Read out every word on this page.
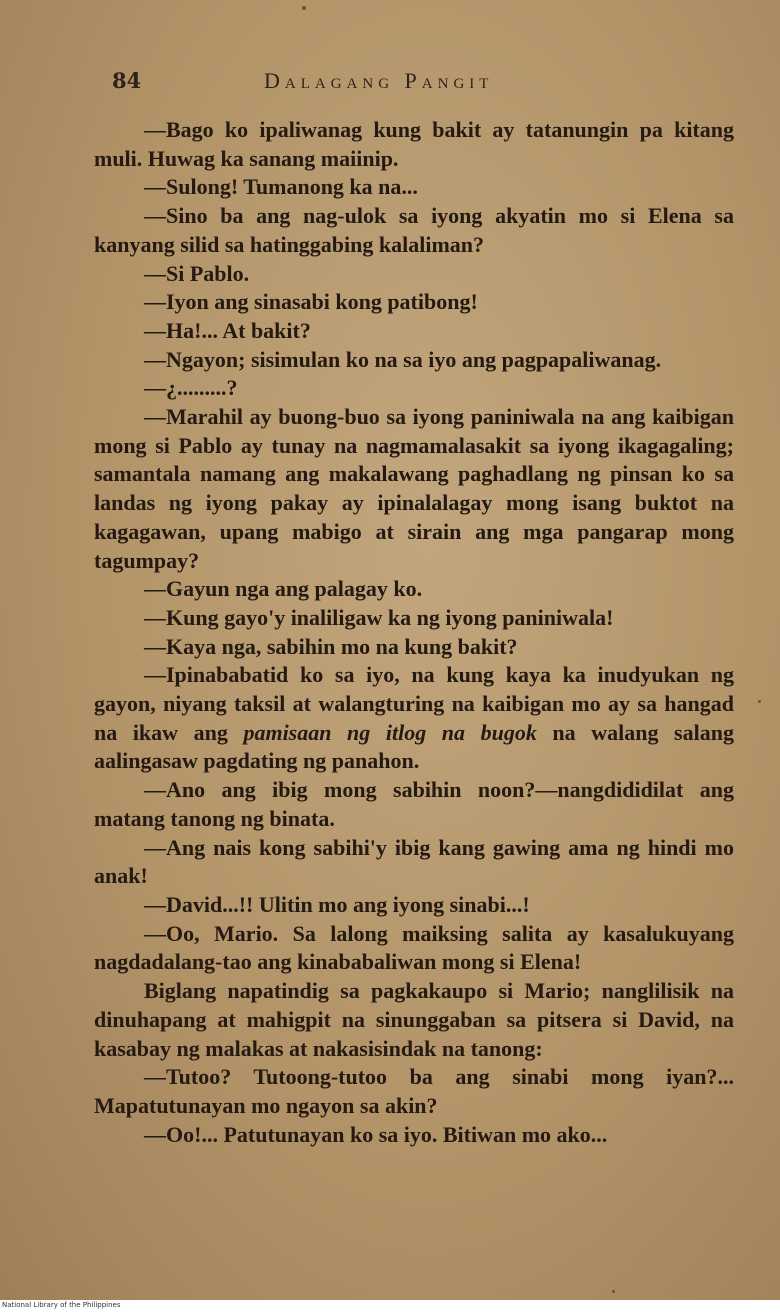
84	Dalagang Pangit

—Bago ko ipaliwanag kung bakit ay tatanungin pa kitang muli. Huwag ka sanang maiinip.

—Sulong! Tumanong ka na...

—Sino ba ang nag-ulok sa iyong akyatin mo si Elena sa kanyang silid sa hatinggabing kalaliman?

—Si Pablo.

—Iyon ang sinasabi kong patibong!

—Ha!... At bakit?

—Ngayon; sisimulan ko na sa iyo ang pagpapaliwanag.

—¿.........?

—Marahil ay buong-buo sa iyong paniniwala na ang kaibigan mong si Pablo ay tunay na nagmamalasakit sa iyong ikagagaling; samantala namang ang makalawang paghadlang ng pinsan ko sa landas ng iyong pakay ay ipinalalagay mong isang buktot na kagagawan, upang mabigo at sirain ang mga pangarap mong tagumpay?

—Gayun nga ang palagay ko.

—Kung gayo'y inaliligaw ka ng iyong paniniwala!

—Kaya nga, sabihin mo na kung bakit?

—Ipinababatid ko sa iyo, na kung kaya ka inudyukan ng gayon, niyang taksil at walangturing na kaibigan mo ay sa hangad na ikaw ang pamisaan ng itlog na bugok na walang salang aalingasaw pagdating ng panahon.

—Ano ang ibig mong sabihin noon?—nangdididilat ang matang tanong ng binata.

—Ang nais kong sabihi'y ibig kang gawing ama ng hindi mo anak!

—David...!! Ulitin mo ang iyong sinabi...!

—Oo, Mario. Sa lalong maiksing salita ay kasalukuyang nagdadalang-tao ang kinababaliwan mong si Elena!

Biglang napatindig sa pagkakaupo si Mario; nanglilisik na dinuhapang at mahigpit na sinunggaban sa pitsera si David, na kasabay ng malakas at nakasisindak na tanong:

—Tutoo? Tutoong-tutoo ba ang sinabi mong iyan?... Mapatutunayan mo ngayon sa akin?

—Oo!... Patutunayan ko sa iyo. Bitiwan mo ako...

National Library of the Philippines
